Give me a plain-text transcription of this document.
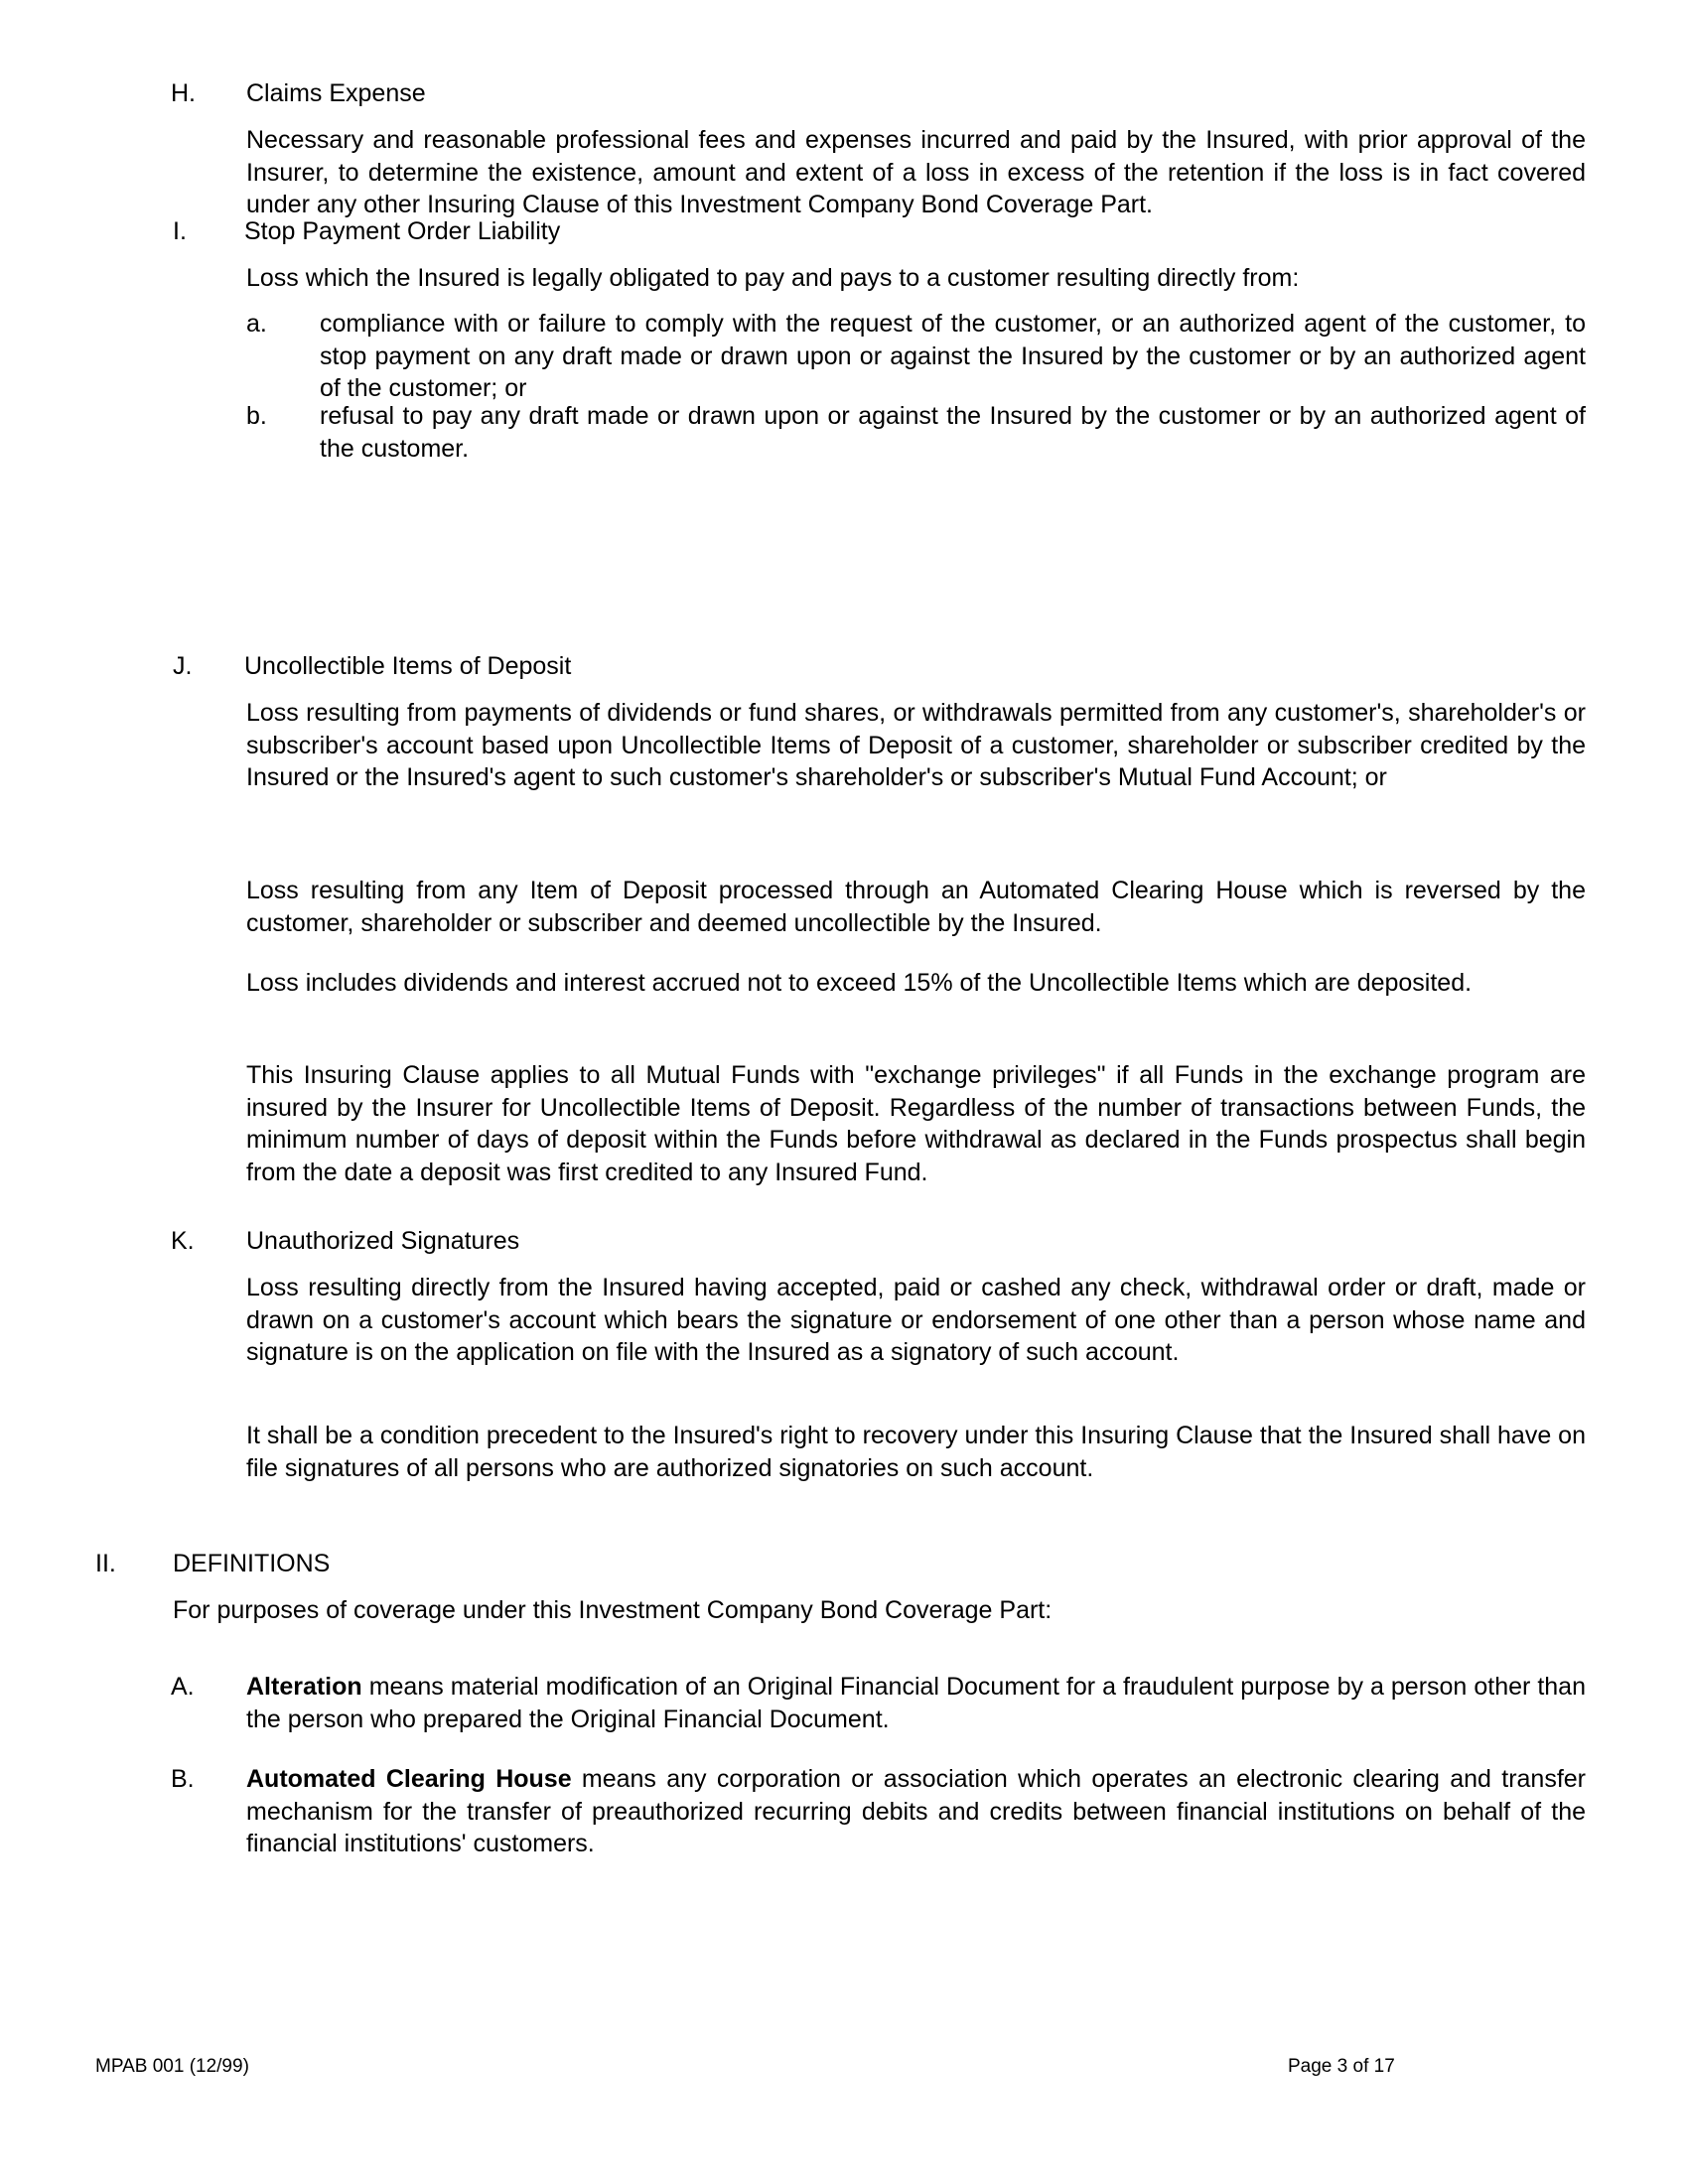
H. Claims Expense

Necessary and reasonable professional fees and expenses incurred and paid by the Insured, with prior approval of the Insurer, to determine the existence, amount and extent of a loss in excess of the retention if the loss is in fact covered under any other Insuring Clause of this Investment Company Bond Coverage Part.

I. Stop Payment Order Liability

Loss which the Insured is legally obligated to pay and pays to a customer resulting directly from:

a. compliance with or failure to comply with the request of the customer, or an authorized agent of the customer, to stop payment on any draft made or drawn upon or against the Insured by the customer or by an authorized agent of the customer; or

b. refusal to pay any draft made or drawn upon or against the Insured by the customer or by an authorized agent of the customer.

J. Uncollectible Items of Deposit

Loss resulting from payments of dividends or fund shares, or withdrawals permitted from any customer's, shareholder's or subscriber's account based upon Uncollectible Items of Deposit of a customer, shareholder or subscriber credited by the Insured or the Insured's agent to such customer's shareholder's or subscriber's Mutual Fund Account; or

Loss resulting from any Item of Deposit processed through an Automated Clearing House which is reversed by the customer, shareholder or subscriber and deemed uncollectible by the Insured.

Loss includes dividends and interest accrued not to exceed 15% of the Uncollectible Items which are deposited.

This Insuring Clause applies to all Mutual Funds with "exchange privileges" if all Funds in the exchange program are insured by the Insurer for Uncollectible Items of Deposit. Regardless of the number of transactions between Funds, the minimum number of days of deposit within the Funds before withdrawal as declared in the Funds prospectus shall begin from the date a deposit was first credited to any Insured Fund.

K. Unauthorized Signatures

Loss resulting directly from the Insured having accepted, paid or cashed any check, withdrawal order or draft, made or drawn on a customer's account which bears the signature or endorsement of one other than a person whose name and signature is on the application on file with the Insured as a signatory of such account.

It shall be a condition precedent to the Insured's right to recovery under this Insuring Clause that the Insured shall have on file signatures of all persons who are authorized signatories on such account.

II. DEFINITIONS

For purposes of coverage under this Investment Company Bond Coverage Part:

A. Alteration means material modification of an Original Financial Document for a fraudulent purpose by a person other than the person who prepared the Original Financial Document.

B. Automated Clearing House means any corporation or association which operates an electronic clearing and transfer mechanism for the transfer of preauthorized recurring debits and credits between financial institutions on behalf of the financial institutions' customers.

MPAB 001 (12/99)	Page 3 of 17
